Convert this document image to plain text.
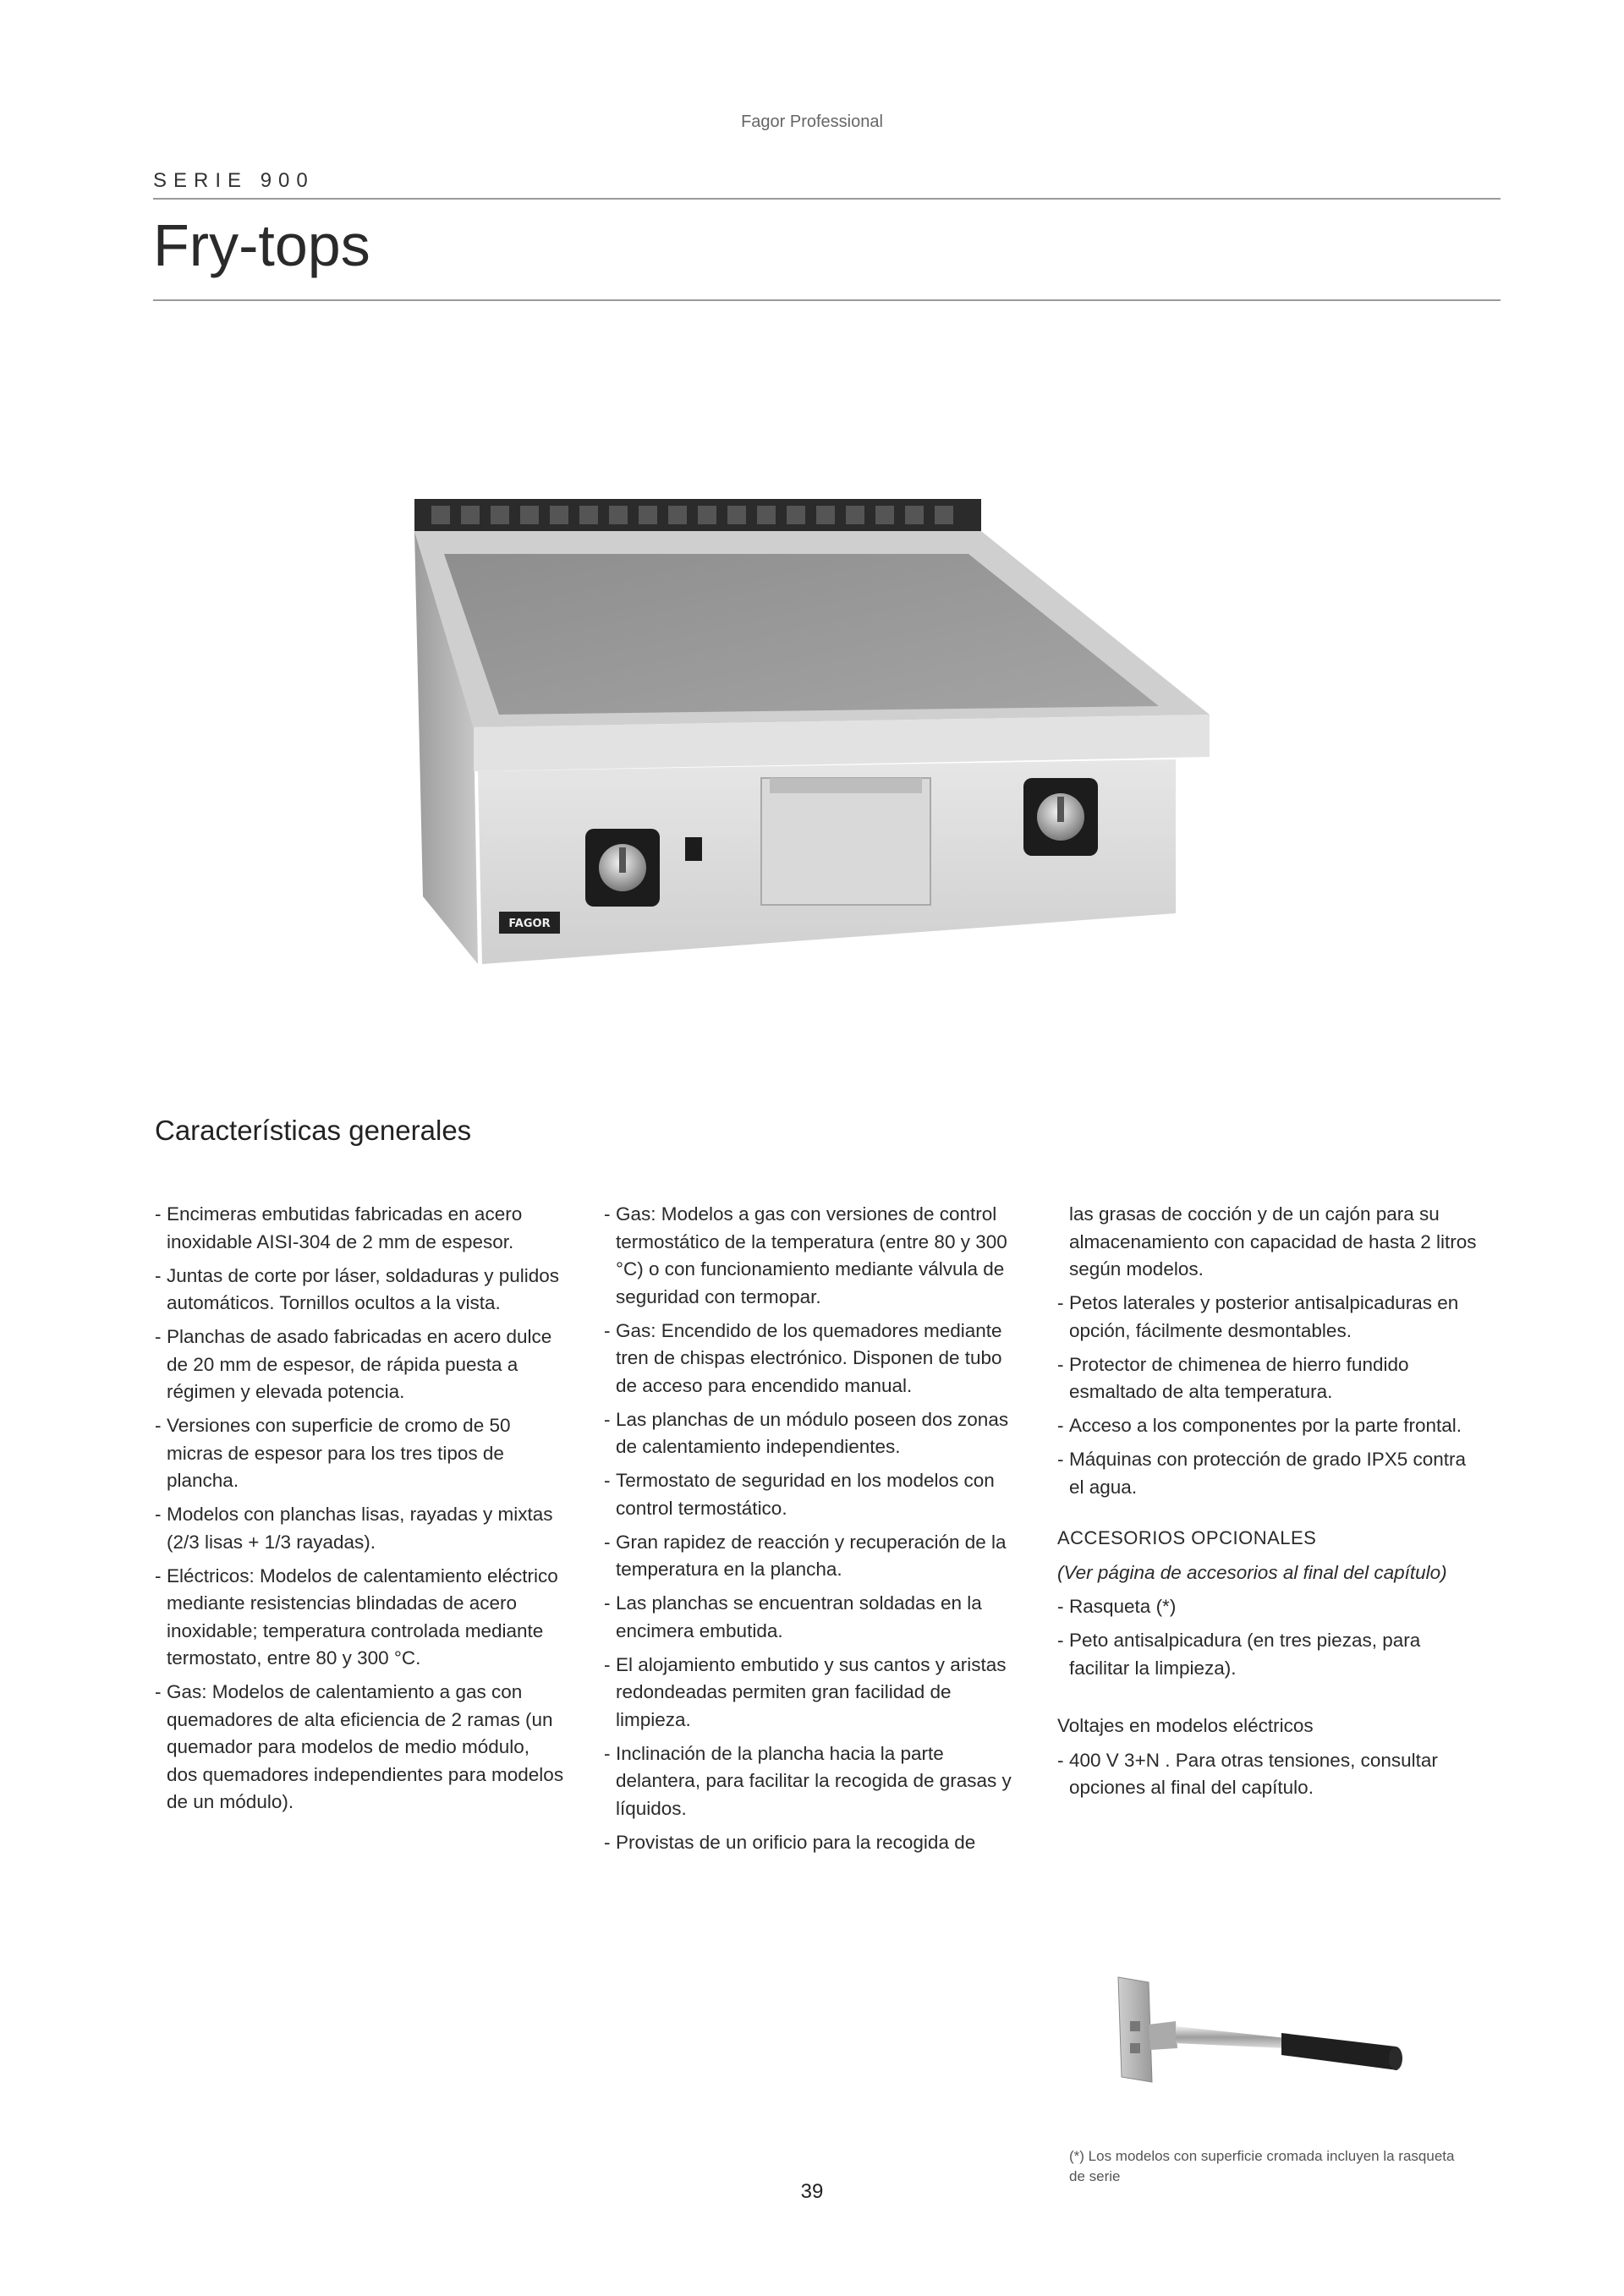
Fagor Professional
SERIE 900
Fry-tops
FAGOR
Características generales
- Encimeras embutidas fabricadas en acero inoxidable AISI-304 de 2 mm de espesor.
- Juntas de corte por láser, soldaduras y pulidos automáticos. Tornillos ocultos a la vista.
- Planchas de asado fabricadas en acero dulce de 20 mm de espesor, de rápida puesta a régimen y elevada potencia.
- Versiones con superficie de cromo de 50 micras de espesor para los tres tipos de plancha.
- Modelos con planchas lisas, rayadas y mixtas (2/3 lisas + 1/3 rayadas).
- Eléctricos: Modelos de calentamiento eléctrico mediante resistencias blindadas de acero inoxidable; temperatura controlada mediante termostato, entre 80 y 300 °C.
- Gas: Modelos de calentamiento a gas con quemadores de alta eficiencia de 2 ramas (un quemador para modelos de medio módulo, dos quemadores independientes para modelos de un módulo).
- Gas: Modelos a gas con versiones de control termostático de la temperatura (entre 80 y 300 °C) o con funcionamiento mediante válvula de seguridad con termopar.
- Gas: Encendido de los quemadores mediante tren de chispas electrónico. Disponen de tubo de acceso para encendido manual.
- Las planchas de un módulo poseen dos zonas de calentamiento independientes.
- Termostato de seguridad en los modelos con control termostático.
- Gran rapidez de reacción y recuperación de la temperatura en la plancha.
- Las planchas se encuentran soldadas en la encimera embutida.
- El alojamiento embutido y sus cantos y aristas redondeadas permiten gran facilidad de limpieza.
- Inclinación de la plancha hacia la parte delantera, para facilitar la recogida de grasas y líquidos.
- Provistas de un orificio para la recogida de
las grasas de cocción y de un cajón para su almacenamiento con capacidad de hasta 2 litros según modelos.
- Petos laterales y posterior antisalpicaduras en opción, fácilmente desmontables.
- Protector de chimenea de hierro fundido esmaltado de alta temperatura.
- Acceso a los componentes por la parte frontal.
- Máquinas con protección de grado IPX5 contra el agua.
ACCESORIOS OPCIONALES
(Ver página de accesorios al final del capítulo)
- Rasqueta (*)
- Peto antisalpicadura (en tres piezas, para facilitar la limpieza).
Voltajes en modelos eléctricos
- 400 V 3+N . Para otras tensiones, consultar opciones al final del capítulo.
(*) Los modelos con superficie cromada incluyen la rasqueta de serie
39
